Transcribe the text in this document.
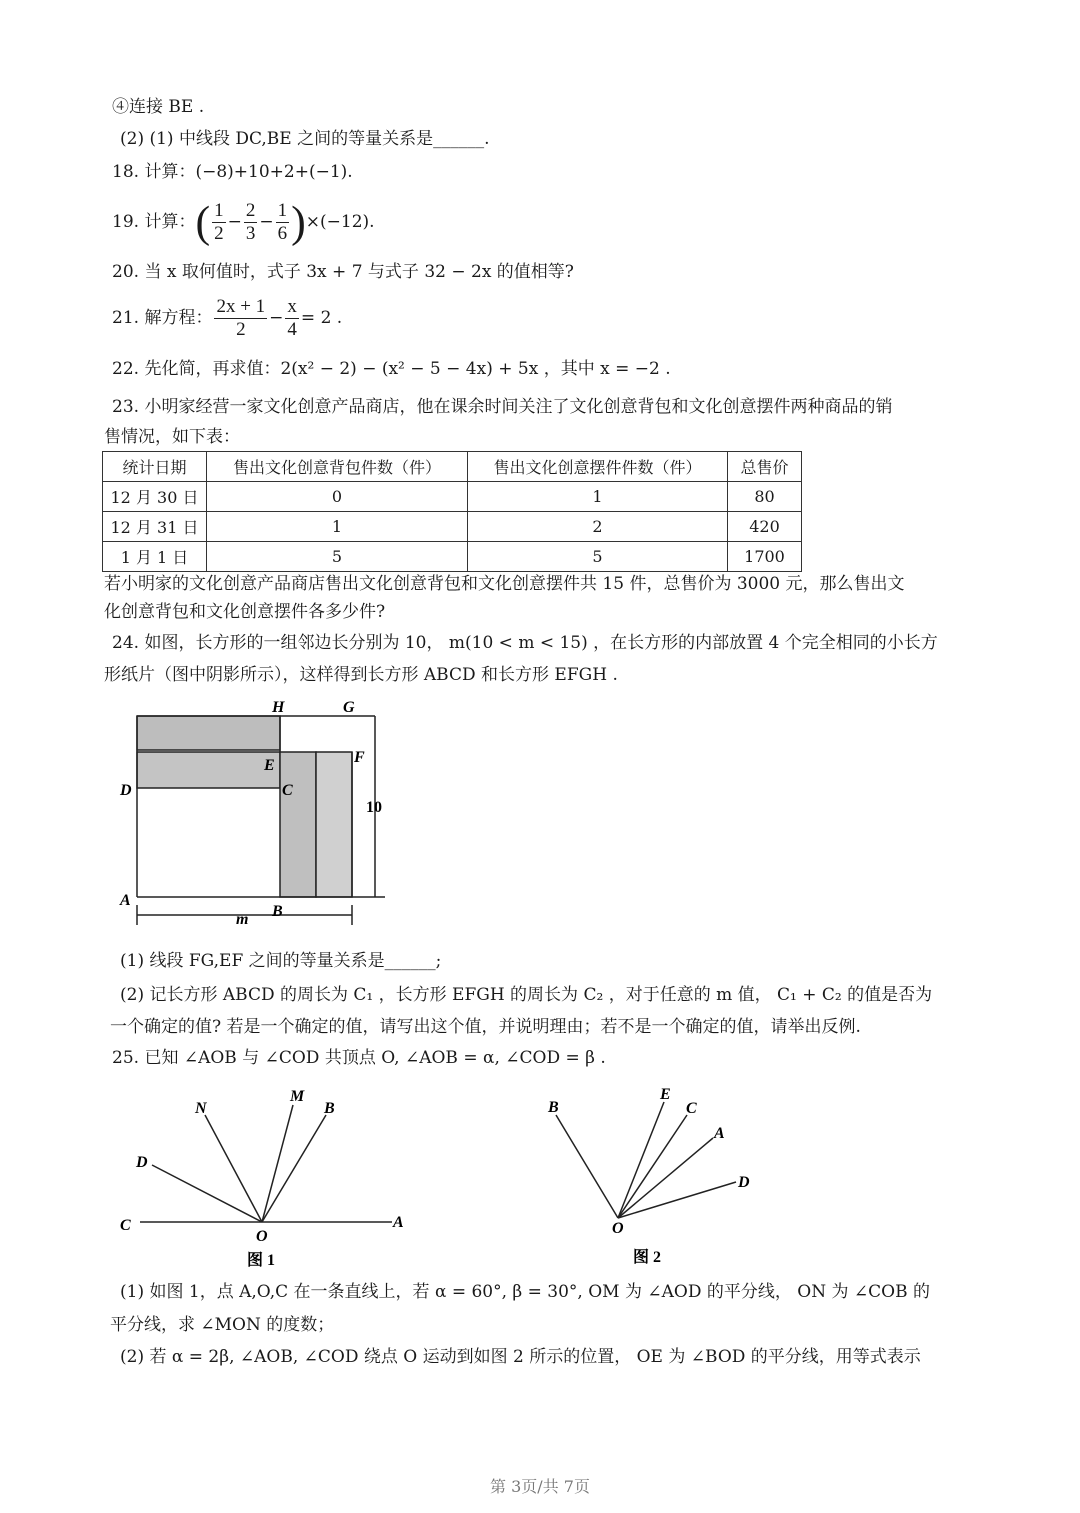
④连接 BE .
(2) (1) 中线段 DC,BE 之间的等量关系是______.
18. 计算：(−8)+10+2+(−1).
19. 计算：( $\frac{1}{2} - \frac{2}{3} - \frac{1}{6} )\times(-12)$.
20. 当 x 取何值时，式子 3x + 7 与式子 32 − 2x 的值相等?
21. 解方程： $\frac{2x + 1}{2} - \frac{x}{4} = 2$ .
22. 先化简，再求值：2(x² − 2) − (x² − 5 − 4x) + 5x ，其中 x = −2 .
23. 小明家经营一家文化创意产品商店，他在课余时间关注了文化创意背包和文化创意摆件两种商品的销
售情况，如下表：
统计日期	售出文化创意背包件数（件）	售出文化创意摆件件数（件）	总售价
12 月 30 日	0	1	80
12 月 31 日	1	2	420
1 月 1 日	5	5	1700
若小明家的文化创意产品商店售出文化创意背包和文化创意摆件共 15 件，总售价为 3000 元，那么售出文
化创意背包和文化创意摆件各多少件?
24. 如图，长方形的一组邻边长分别为 10， m(10 < m < 15) ，在长方形的内部放置 4 个完全相同的小长方
形纸片（图中阴影所示），这样得到长方形 ABCD 和长方形 EFGH .
H	G
F
E
D	C
A
B
10
m
N
M
B
D
C
O
A
图 1
B
E
C
A
D
O
图 2
(1) 线段 FG,EF 之间的等量关系是______;
(2) 记长方形 ABCD 的周长为 C₁ ，长方形 EFGH 的周长为 C₂ ，对于任意的 m 值， C₁ + C₂ 的值是否为
一个确定的值? 若是一个确定的值，请写出这个值，并说明理由；若不是一个确定的值，请举出反例.
25. 已知 ∠AOB 与 ∠COD 共顶点 O, ∠AOB = α, ∠COD = β .
(1) 如图 1，点 A,O,C 在一条直线上，若 α = 60°, β = 30°, OM 为 ∠AOD 的平分线， ON 为 ∠COB 的
平分线，求 ∠MON 的度数；
(2) 若 α = 2β, ∠AOB, ∠COD 绕点 O 运动到如图 2 所示的位置， OE 为 ∠BOD 的平分线，用等式表示
第 3页/共 7页
